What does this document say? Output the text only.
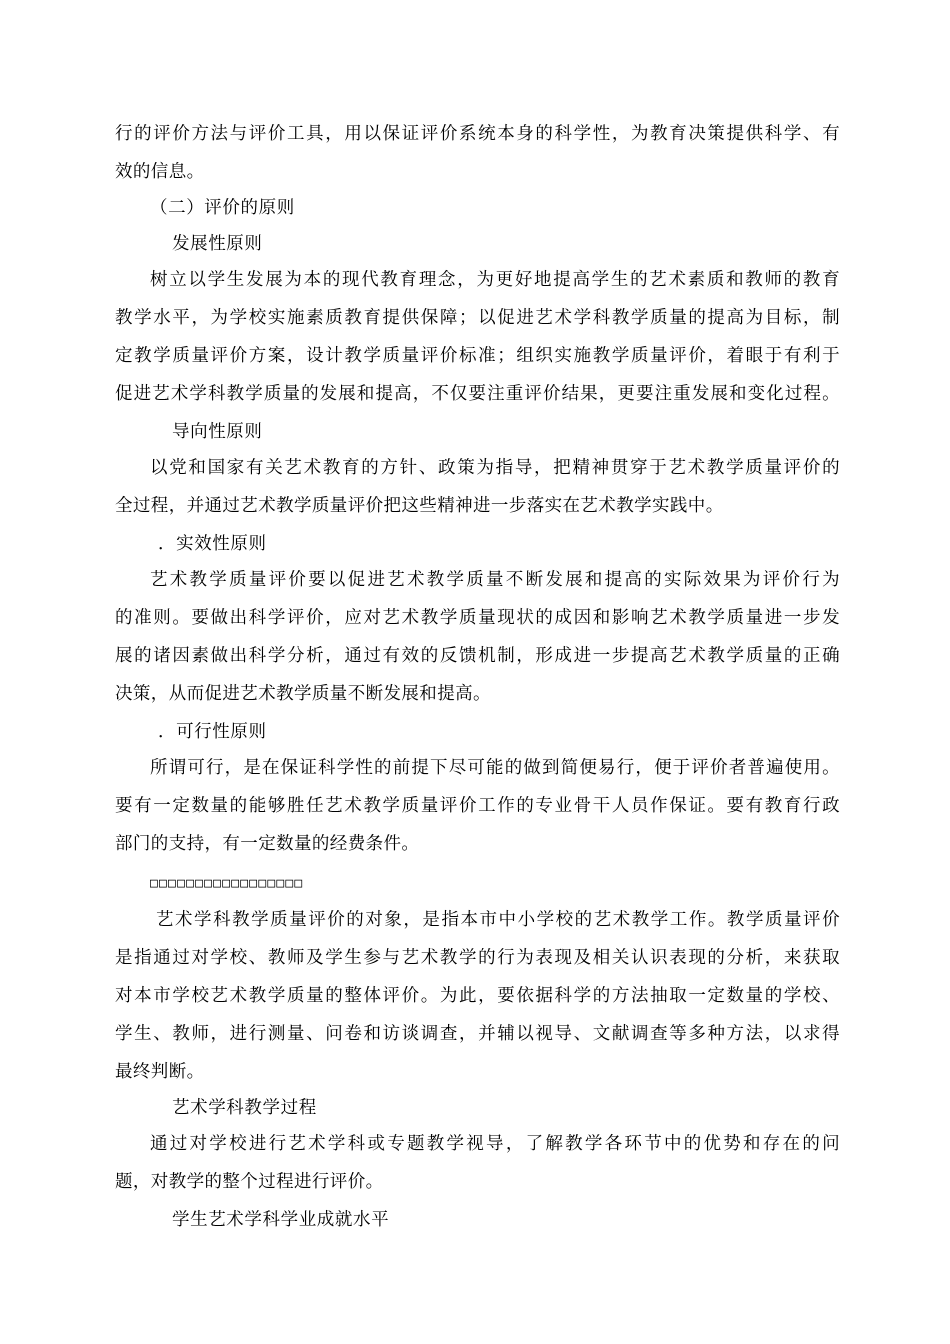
行的评价方法与评价工具，用以保证评价系统本身的科学性，为教育决策提供科学、有
效的信息。
（二）评价的原则
发展性原则
树立以学生发展为本的现代教育理念，为更好地提高学生的艺术素质和教师的教育
教学水平，为学校实施素质教育提供保障；以促进艺术学科教学质量的提高为目标，制
定教学质量评价方案，设计教学质量评价标准；组织实施教学质量评价，着眼于有利于
促进艺术学科教学质量的发展和提高，不仅要注重评价结果，更要注重发展和变化过程。
导向性原则
以党和国家有关艺术教育的方针、政策为指导，把精神贯穿于艺术教学质量评价的
全过程，并通过艺术教学质量评价把这些精神进一步落实在艺术教学实践中。
．实效性原则
艺术教学质量评价要以促进艺术教学质量不断发展和提高的实际效果为评价行为
的准则。要做出科学评价，应对艺术教学质量现状的成因和影响艺术教学质量进一步发
展的诸因素做出科学分析，通过有效的反馈机制，形成进一步提高艺术教学质量的正确
决策，从而促进艺术教学质量不断发展和提高。
．可行性原则
所谓可行，是在保证科学性的前提下尽可能的做到简便易行，便于评价者普遍使用。
要有一定数量的能够胜任艺术教学质量评价工作的专业骨干人员作保证。要有教育行政
部门的支持，有一定数量的经费条件。
□□□□□□□□□□□□□□□□□
艺术学科教学质量评价的对象，是指本市中小学校的艺术教学工作。教学质量评价
是指通过对学校、教师及学生参与艺术教学的行为表现及相关认识表现的分析，来获取
对本市学校艺术教学质量的整体评价。为此，要依据科学的方法抽取一定数量的学校、
学生、教师，进行测量、问卷和访谈调查，并辅以视导、文献调查等多种方法，以求得
最终判断。
艺术学科教学过程
通过对学校进行艺术学科或专题教学视导，了解教学各环节中的优势和存在的问
题，对教学的整个过程进行评价。
学生艺术学科学业成就水平
